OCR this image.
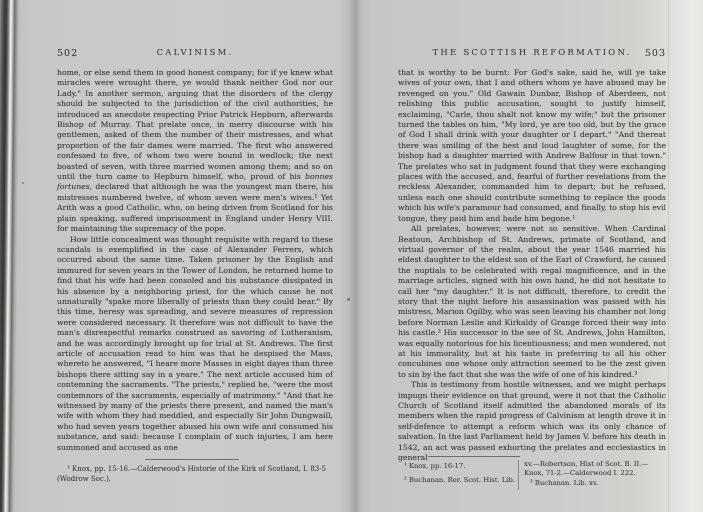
502	CALVINISM.
home, or else send them in good honest company; for if ye knew what miracles were wrought there, ye would thank neither God nor our Lady." In another sermon, arguing that the disorders of the clergy should be subjected to the jurisdiction of the civil authorities, he introduced an anecdote respecting Prior Patrick Hepburn, afterwards Bishop of Murray. That prelate once, in merry discourse with his gentlemen, asked of them the number of their mistresses, and what proportion of the fair dames were married. The first who answered confessed to five, of whom two were bound in wedlock; the next boasted of seven, with three married women among them; and so on until the turn came to Hepburn himself, who, proud of his bonnes fortunes, declared that although he was the youngest man there, his mistresses numbered twelve, of whom seven were men's wives.¹ Yet Arith was a good Catholic, who, on being driven from Scotland for his plain speaking, suffered imprisonment in England under Henry VIII. for maintaining the supremacy of the pope.
How little concealment was thought requisite with regard to these scandals is exemplified in the case of Alexander Ferrers, which occurred about the same time. Taken prisoner by the English and immured for seven years in the Tower of London, he returned home to find that his wife had been consoled and his substance dissipated in his absence by a neighboring priest, for the which cause he not unnaturally "spake more liberally of priests than they could bear." By this time, heresy was spreading, and severe measures of repression were considered necessary. It therefore was not difficult to have the man's disrespectful remarks construed as savoring of Lutheranism, and he was accordingly brought up for trial at St. Andrews. The first article of accusation read to him was that he despised the Mass, whereto he answered, "I heare more Masses in eight dayes than three bishops there sitting say in a yeare." The next article accused him of contemning the sacraments. "The priests," replied he, "were the most contemnors of the sacraments, especially of matrimony." "And that he witnessed by many of the priests there present, and named the man's wife with whom they had meddled, and especially Sir John Dungwaill, who had seven years together abused his own wife and consumed his substance, and said: because I complain of such injuries, I am here summoned and accused as one
¹ Knox, pp. 15-16.—Calderwood's Historie of the Kirk of Scotland, I. 83-5 (Wodrow Soc.).
THE SCOTTISH REFORMATION.	503
that is worthy to be burnt: For God's sake, said he, will ye take wives of your own, that I and others whom ye have abused may be revenged on you." Old Gawain Dunbar, Bishop of Aberdeen, not relishing this public accusation, sought to justify himself, exclaiming, "Carle, thou shalt not know my wife;" but the prisoner turned the tables on him, "My lord, ye are too old, but by the grace of God I shall drink with your daughter or I depart." "And thereat there was smiling of the best and loud laughter of some, for the bishop had a daughter married with Andrew Balfour in that town." The prelates who sat in judgment found that they were exchanging places with the accused, and, fearful of further revelations from the reckless Alexander, commanded him to depart; but he refused, unless each one should contribute something to replace the goods which his wife's paramour had consumed, and finally, to stop his evil tongue, they paid him and bade him begone.¹
All prelates, however, were not so sensitive. When Cardinal Beatoun, Archbishop of St. Andrews, primate of Scotland, and virtual governor of the realm, about the year 1546 married his eldest daughter to the eldest son of the Earl of Crawford, he caused the nuptials to be celebrated with regal magnificence, and in the marriage articles, signed with his own hand, he did not hesitate to call her "my daughter." It is not difficult, therefore, to credit the story that the night before his assassination was passed with his mistress, Marion Ogilby, who was seen leaving his chamber not long before Norman Leslie and Kirkaldy of Grange forced their way into his castle.² His successor in the see of St. Andrews, John Hamilton, was equally notorious for his licentiousness; and men wondered, not at his immorality, but at his taste in preferring to all his other concubines one whose only attraction seemed to be the zest given to sin by the fact that she was the wife of one of his kindred.³
This is testimony from hostile witnesses, and we might perhaps impugn their evidence on that ground, were it not that the Catholic Church of Scotland itself admitted the abandoned morals of its members when the rapid progress of Calvinism at length drove it in self-defence to attempt a reform which was its only chance of salvation. In the last Parliament held by James V. before his death in 1542, an act was passed exhorting the prelates and ecclesiastics in general
¹ Knox, pp. 16-17.
² Buchanan. Rer. Scot. Hist. Lib.
xv.—Robertson, Hist of Scot. B. II.—Knox, 71-2.—Calderwood I. 222.
³ Buchanan. Lib. xv.
